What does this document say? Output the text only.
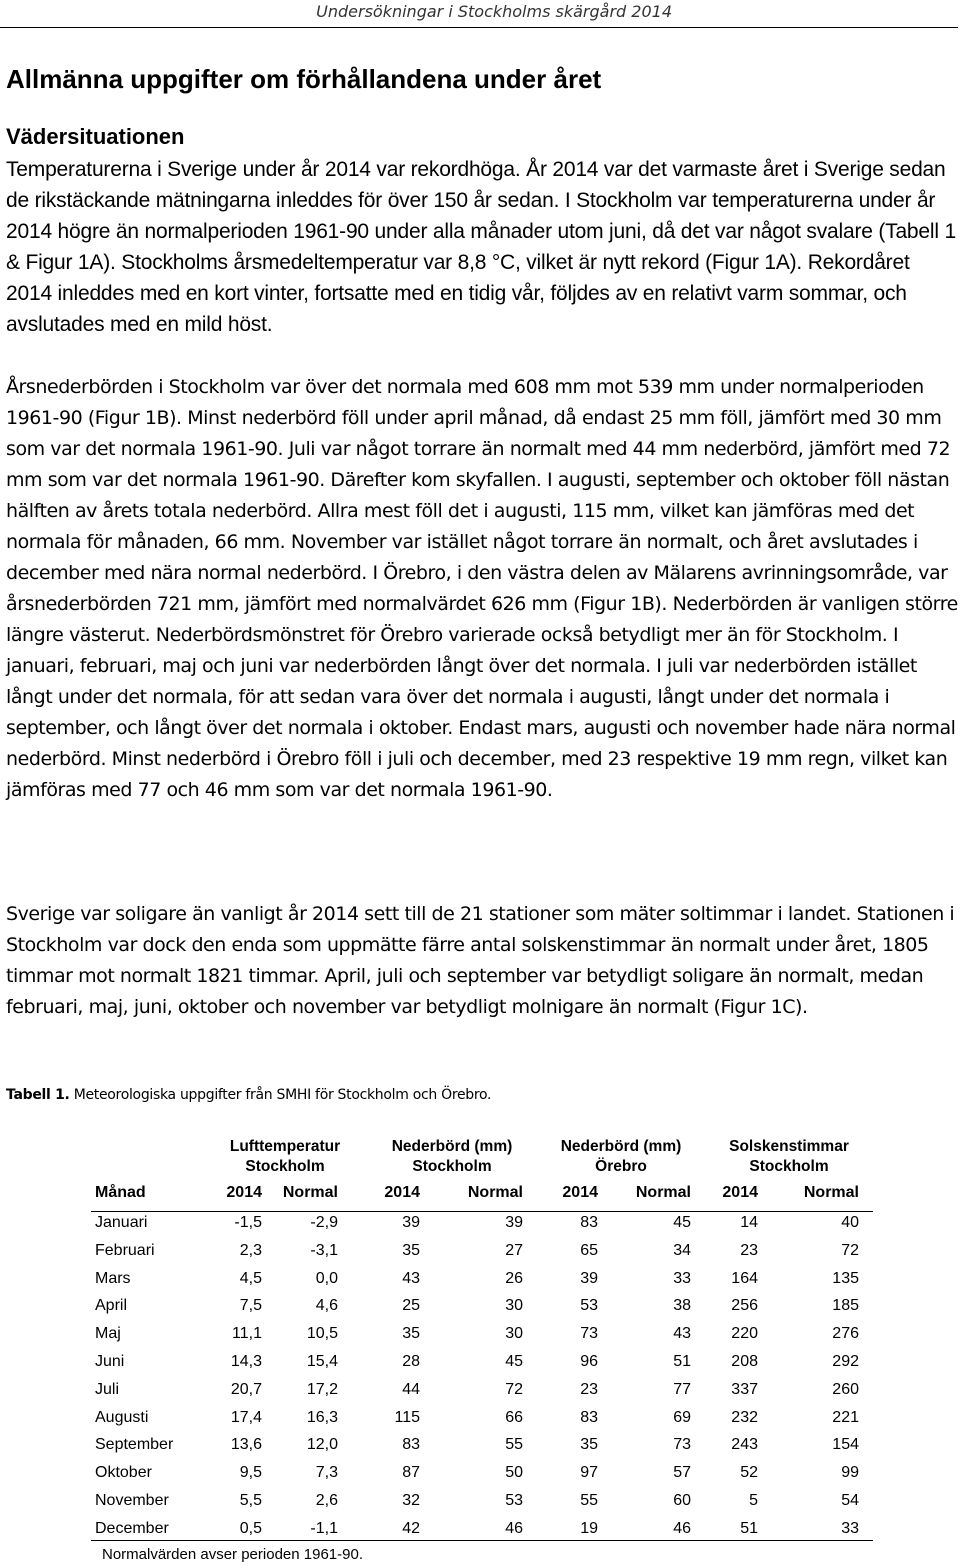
Undersökningar i Stockholms skärgård 2014
Allmänna uppgifter om förhållandena under året
Vädersituationen

Temperaturerna i Sverige under år 2014 var rekordhöga. År 2014 var det varmaste året i Sverige sedan de rikstäckande mätningarna inleddes för över 150 år sedan. I Stockholm var temperaturerna under år 2014 högre än normalperioden 1961-90 under alla månader utom juni, då det var något svalare (Tabell 1 & Figur 1A). Stockholms årsmedeltemperatur var 8,8 °C, vilket är nytt rekord (Figur 1A). Rekordåret 2014 inleddes med en kort vinter, fortsatte med en tidig vår, följdes av en relativt varm sommar, och avslutades med en mild höst.

Årsnederbörden i Stockholm var över det normala med 608 mm mot 539 mm under normalperioden 1961-90 (Figur 1B). Minst nederbörd föll under april månad, då endast 25 mm föll, jämfört med 30 mm som var det normala 1961-90. Juli var något torrare än normalt med 44 mm nederbörd, jämfört med 72 mm som var det normala 1961-90. Därefter kom skyfallen. I augusti, september och oktober föll nästan hälften av årets totala nederbörd. Allra mest föll det i augusti, 115 mm, vilket kan jämföras med det normala för månaden, 66 mm. November var istället något torrare än normalt, och året avslutades i december med nära normal nederbörd. I Örebro, i den västra delen av Mälarens avrinningsområde, var årsnederbörden 721 mm, jämfört med normalvärdet 626 mm (Figur 1B). Nederbörden är vanligen större längre västerut. Nederbördsmönstret för Örebro varierade också betydligt mer än för Stockholm. I januari, februari, maj och juni var nederbörden långt över det normala. I juli var nederbörden istället långt under det normala, för att sedan vara över det normala i augusti, långt under det normala i september, och långt över det normala i oktober. Endast mars, augusti och november hade nära normal nederbörd. Minst nederbörd i Örebro föll i juli och december, med 23 respektive 19 mm regn, vilket kan jämföras med 77 och 46 mm som var det normala 1961-90.

Sverige var soligare än vanligt år 2014 sett till de 21 stationer som mäter soltimmar i landet. Stationen i Stockholm var dock den enda som uppmätte färre antal solskenstimmar än normalt under året, 1805 timmar mot normalt 1821 timmar. April, juli och september var betydligt soligare än normalt, medan februari, maj, juni, oktober och november var betydligt molnigare än normalt (Figur 1C).

Tabell 1. Meteorologiska uppgifter från SMHI för Stockholm och Örebro.

Lufttemperatur
Stockholm
Nederbörd (mm)
Stockholm
Nederbörd (mm)
Örebro
Solskenstimmar
Stockholm
Månad	2014	Normal	2014	Normal	2014	Normal	2014	Normal
Januari	-1,5	-2,9	39	39	83	45	14	40
Februari	2,3	-3,1	35	27	65	34	23	72
Mars	4,5	0,0	43	26	39	33	164	135
April	7,5	4,6	25	30	53	38	256	185
Maj	11,1	10,5	35	30	73	43	220	276
Juni	14,3	15,4	28	45	96	51	208	292
Juli	20,7	17,2	44	72	23	77	337	260
Augusti	17,4	16,3	115	66	83	69	232	221
September	13,6	12,0	83	55	35	73	243	154
Oktober	9,5	7,3	87	50	97	57	52	99
November	5,5	2,6	32	53	55	60	5	54
December	0,5	-1,1	42	46	19	46	51	33
Normalvärden avser perioden 1961-90.
